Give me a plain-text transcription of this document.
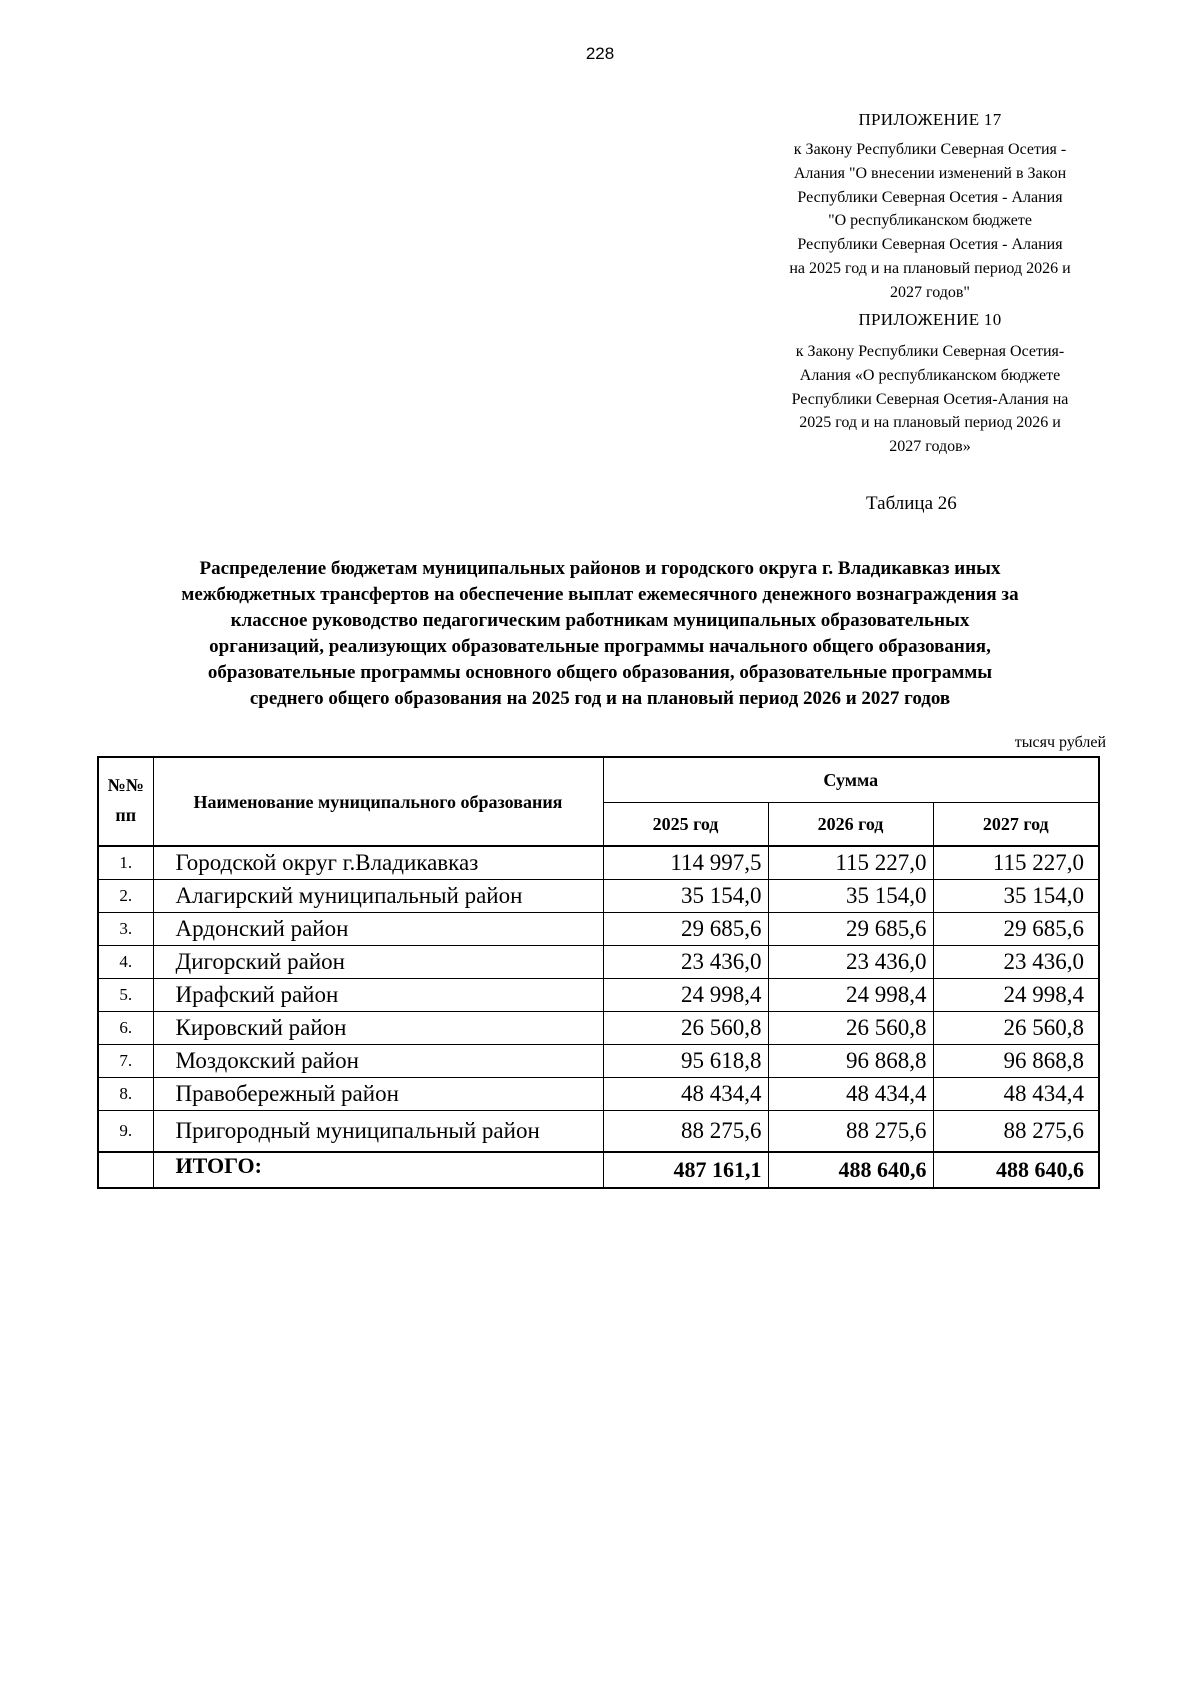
228
ПРИЛОЖЕНИЕ 17
к Закону Республики Северная Осетия -
Алания "О внесении изменений в Закон
Республики Северная Осетия - Алания
"О республиканском бюджете
Республики Северная Осетия - Алания
на 2025 год и на плановый период 2026 и
2027 годов"
ПРИЛОЖЕНИЕ 10
к Закону Республики Северная Осетия-
Алания «О республиканском бюджете
Республики Северная Осетия-Алания на
2025 год и на плановый период 2026 и
2027 годов»
Таблица 26
Распределение бюджетам муниципальных районов и городского округа г. Владикавказ иных
межбюджетных трансфертов на обеспечение выплат ежемесячного денежного вознаграждения за
классное руководство педагогическим работникам муниципальных образовательных
организаций, реализующих образовательные программы начального общего образования,
образовательные программы основного общего образования, образовательные программы
среднего общего образования на 2025 год и на плановый период 2026 и 2027 годов
тысяч рублей
№№ пп	Наименование муниципального образования	Сумма		
		2025 год	2026 год	2027 год
1.	Городской округ г.Владикавказ	114 997,5	115 227,0	115 227,0
2.	Алагирский муниципальный район	35 154,0	35 154,0	35 154,0
3.	Ардонский район	29 685,6	29 685,6	29 685,6
4.	Дигорский район	23 436,0	23 436,0	23 436,0
5.	Ирафский район	24 998,4	24 998,4	24 998,4
6.	Кировский район	26 560,8	26 560,8	26 560,8
7.	Моздокский район	95 618,8	96 868,8	96 868,8
8.	Правобережный район	48 434,4	48 434,4	48 434,4
9.	Пригородный муниципальный район	88 275,6	88 275,6	88 275,6
	ИТОГО:	487 161,1	488 640,6	488 640,6
